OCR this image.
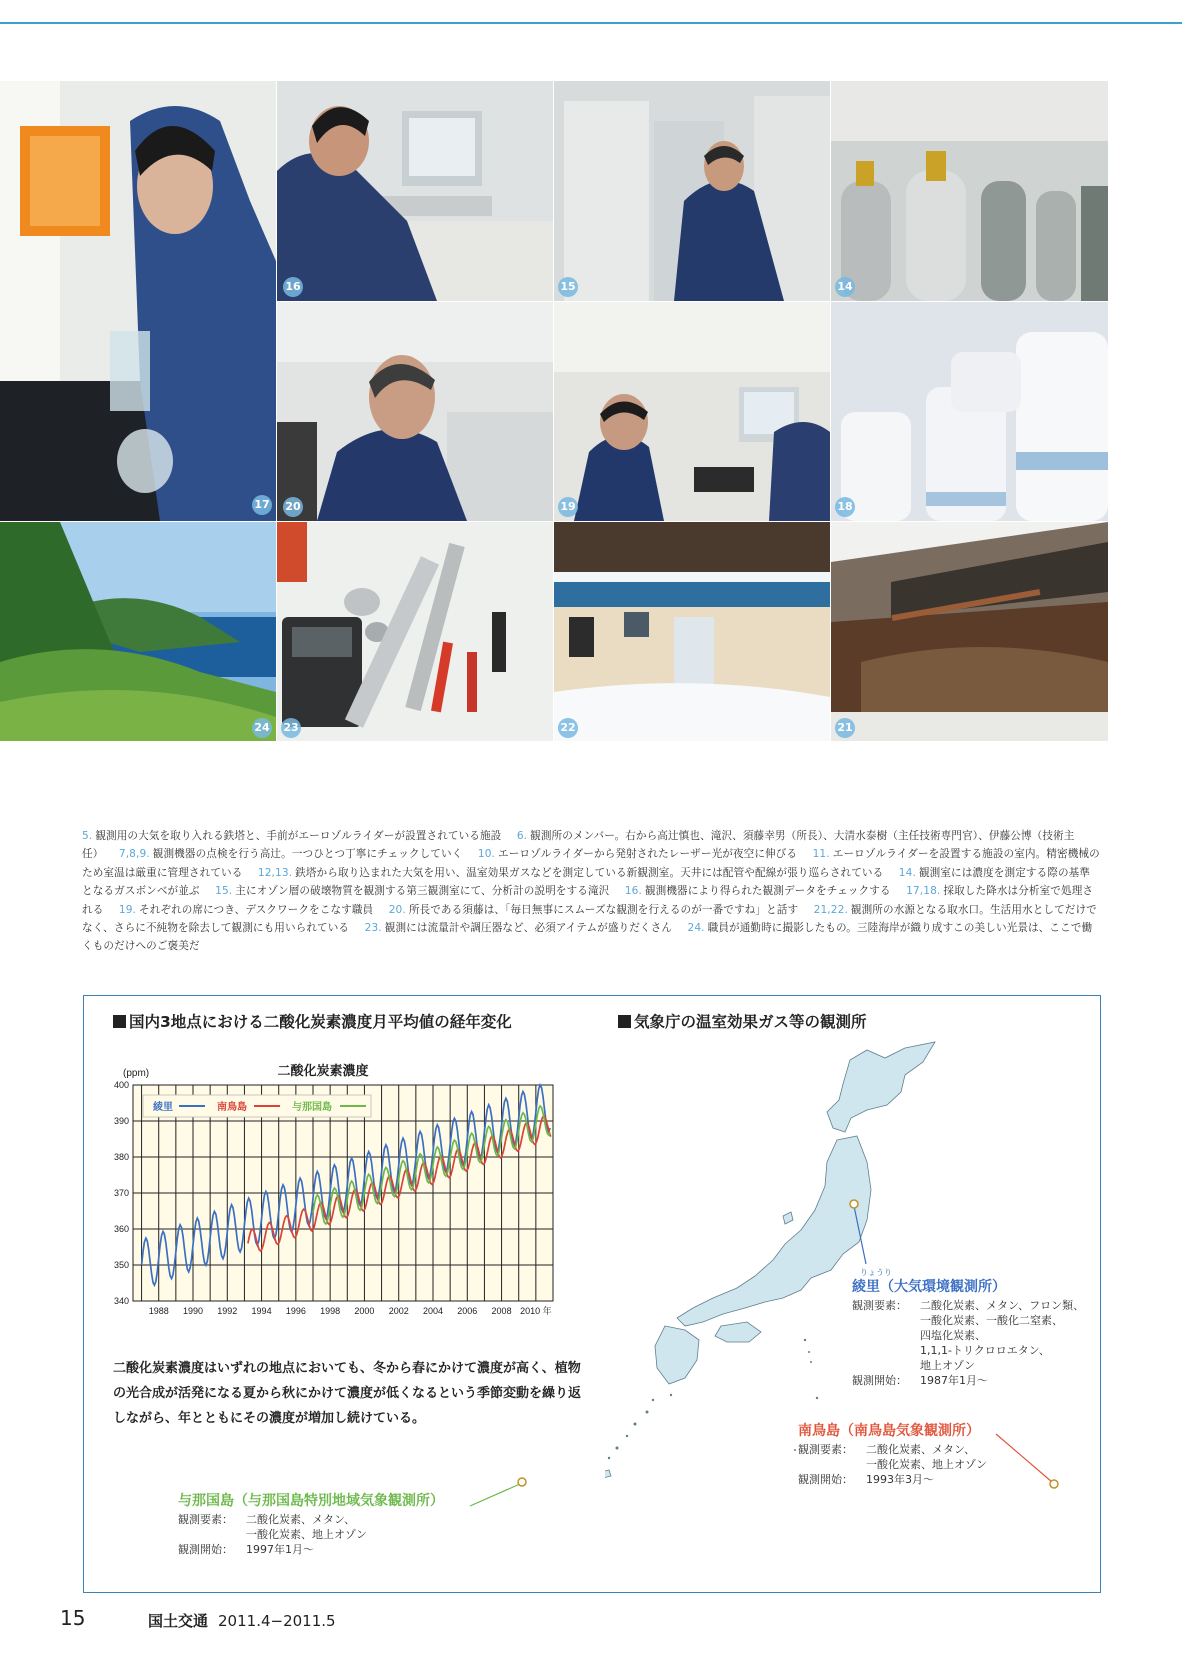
17
16	15	14
20	19	18
24 23	22	21
5. 観測用の大気を取り入れる鉄塔と、手前がエーロゾルライダーが設置されている施設 6. 観測所のメンバー。右から高辻慎也、滝沢、須藤幸男（所長）、大清水泰樹（主任技術専門官）、伊藤公博（技術主任） 7,8,9. 観測機器の点検を行う高辻。一つひとつ丁寧にチェックしていく 10. エーロゾルライダーから発射されたレーザー光が夜空に伸びる 11. エーロゾルライダーを設置する施設の室内。精密機械のため室温は厳重に管理されている 12,13. 鉄塔から取り込まれた大気を用い、温室効果ガスなどを測定している新観測室。天井には配管や配線が張り巡らされている 14. 観測室には濃度を測定する際の基準となるガスボンベが並ぶ 15. 主にオゾン層の破壊物質を観測する第三観測室にて、分析計の説明をする滝沢 16. 観測機器により得られた観測データをチェックする 17,18. 採取した降水は分析室で処理される 19. それぞれの席につき、デスクワークをこなす職員 20. 所長である須藤は、「毎日無事にスムーズな観測を行えるのが一番ですね」と話す 21,22. 観測所の水源となる取水口。生活用水としてだけでなく、さらに不純物を除去して観測にも用いられている 23. 観測には流量計や調圧器など、必須アイテムが盛りだくさん 24. 職員が通勤時に撮影したもの。三陸海岸が織り成すこの美しい光景は、ここで働くものだけへのご褒美だ
国内3地点における二酸化炭素濃度月平均値の経年変化	気象庁の温室効果ガス等の観測所
340
350
360
370
380
390
400
1988 1990 1992 1994 1996 1998 2000 2002 2004 2006 2008 2010 年
(ppm)	二酸化炭素濃度
綾里	南鳥島	与那国島
二酸化炭素濃度はいずれの地点においても、冬から春にかけて濃度が高く、植物の光合成が活発になる夏から秋にかけて濃度が低くなるという季節変動を繰り返しながら、年とともにその濃度が増加し続けている。
りょうり
綾里（大気環境観測所）
観測要素：	二酸化炭素、メタン、フロン類、
一酸化炭素、一酸化二窒素、
四塩化炭素、
1,1,1-トリクロロエタン、
地上オゾン
観測開始：	1987年1月〜
南鳥島（南鳥島気象観測所）
観測要素：	二酸化炭素、メタン、
一酸化炭素、地上オゾン
観測開始：	1993年3月〜
与那国島（与那国島特別地域気象観測所）
観測要素：	二酸化炭素、メタン、
一酸化炭素、地上オゾン
観測開始：	1997年1月〜
15	国土交通 2011.4−2011.5
